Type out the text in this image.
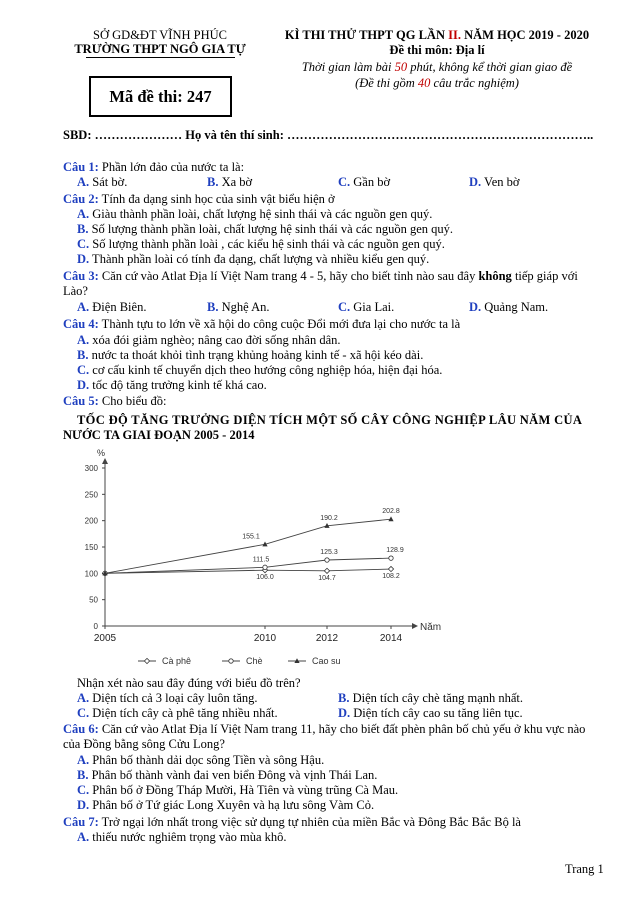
SỞ GD&ĐT VĨNH PHÚC
TRƯỜNG THPT NGÔ GIA TỰ
Mã đề thi: 247
KÌ THI THỬ THPT QG LẦN II. NĂM HỌC 2019 - 2020
Đề thi môn: Địa lí
Thời gian làm bài 50 phút, không kể thời gian giao đề
(Đề thi gồm 40 câu trắc nghiệm)
SBD: ………………… Họ và tên thí sinh: ………………………………………………………………..
Câu 1: Phần lớn đảo của nước ta là:
A. Sát bờ.	B. Xa bờ	C. Gần bờ	D. Ven bờ
Câu 2: Tính đa dạng sinh học của sinh vật biểu hiện ở
A. Giàu thành phần loài, chất lượng hệ sinh thái và các nguồn gen quý.
B. Số lượng thành phần loài, chất lượng hệ sinh thái và các nguồn gen quý.
C. Số lượng thành phần loài , các kiểu hệ sinh thái và các nguồn gen quý.
D. Thành phần loài có tính đa dạng, chất lượng và nhiều kiểu gen quý.
Câu 3: Căn cứ vào Atlat Địa lí Việt Nam trang 4 - 5, hãy cho biết tỉnh nào sau đây không tiếp giáp với
Lào?
A. Điện Biên.	B. Nghệ An.	C. Gia Lai.	D. Quảng Nam.
Câu 4: Thành tựu to lớn về xã hội do công cuộc Đổi mới đưa lại cho nước ta là
A. xóa đói giảm nghèo; nâng cao đời sống nhân dân.
B. nước ta thoát khỏi tình trạng khủng hoảng kinh tế - xã hội kéo dài.
C. cơ cấu kinh tế chuyển dịch theo hướng công nghiệp hóa, hiện đại hóa.
D. tốc độ tăng trưởng kinh tế khá cao.
Câu 5: Cho biểu đồ:
TỐC ĐỘ TĂNG TRƯỞNG DIỆN TÍCH MỘT SỐ CÂY CÔNG NGHIỆP LÂU NĂM CỦA
NƯỚC TA GIAI ĐOẠN 2005 - 2014
%
Năm
0
50
100
150
200
250
300
2005	2010	2012	2014
106.0	104.7	108.2
111.5
125.3	128.9
155.1
190.2
202.8
Cà phê	Chè	Cao su
Nhận xét nào sau đây đúng với biểu đồ trên?
A. Diện tích cả 3 loại cây luôn tăng.	B. Diện tích cây chè tăng mạnh nhất.
C. Diện tích cây cà phê tăng nhiều nhất.	D. Diện tích cây cao su tăng liên tục.
Câu 6: Căn cứ vào Atlat Địa lí Việt Nam trang 11, hãy cho biết đất phèn phân bố chủ yếu ở khu vực nào
của Đồng bằng sông Cửu Long?
A. Phân bố thành dải dọc sông Tiền và sông Hậu.
B. Phân bố thành vành đai ven biển Đông và vịnh Thái Lan.
C. Phân bố ở Đồng Tháp Mười, Hà Tiên và vùng trũng Cà Mau.
D. Phân bố ở Tứ giác Long Xuyên và hạ lưu sông Vàm Cỏ.
Câu 7: Trở ngại lớn nhất trong việc sử dụng tự nhiên của miền Bắc và Đông Bắc Bắc Bộ là
A. thiếu nước nghiêm trọng vào mùa khô.
Trang 1
